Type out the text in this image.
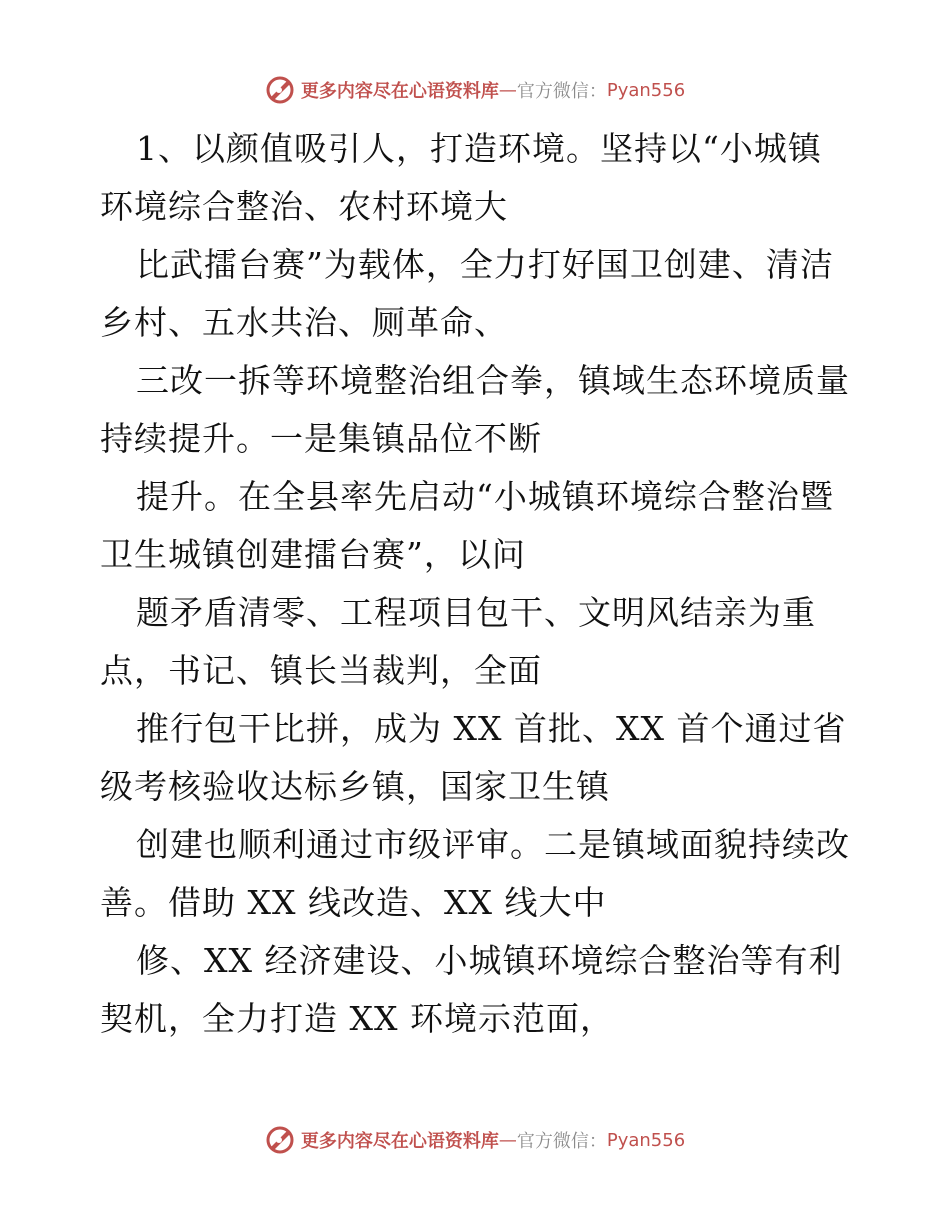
更多内容尽在心语资料库 — 官方微信： Pyan556
1、以颜值吸引人，打造环境。坚持以“小城镇
环境综合整治、农村环境大
比武擂台赛”为载体，全力打好国卫创建、清洁
乡村、五水共治、厕革命、
三改一拆等环境整治组合拳，镇域生态环境质量
持续提升。一是集镇品位不断
提升。在全县率先启动“小城镇环境综合整治暨
卫生城镇创建擂台赛”，以问
题矛盾清零、工程项目包干、文明风结亲为重
点，书记、镇长当裁判，全面
推行包干比拼，成为 XX 首批、XX 首个通过省
级考核验收达标乡镇，国家卫生镇
创建也顺利通过市级评审。二是镇域面貌持续改
善。借助 XX 线改造、XX 线大中
修、XX 经济建设、小城镇环境综合整治等有利
契机，全力打造 XX 环境示范面，
更多内容尽在心语资料库 — 官方微信： Pyan556
